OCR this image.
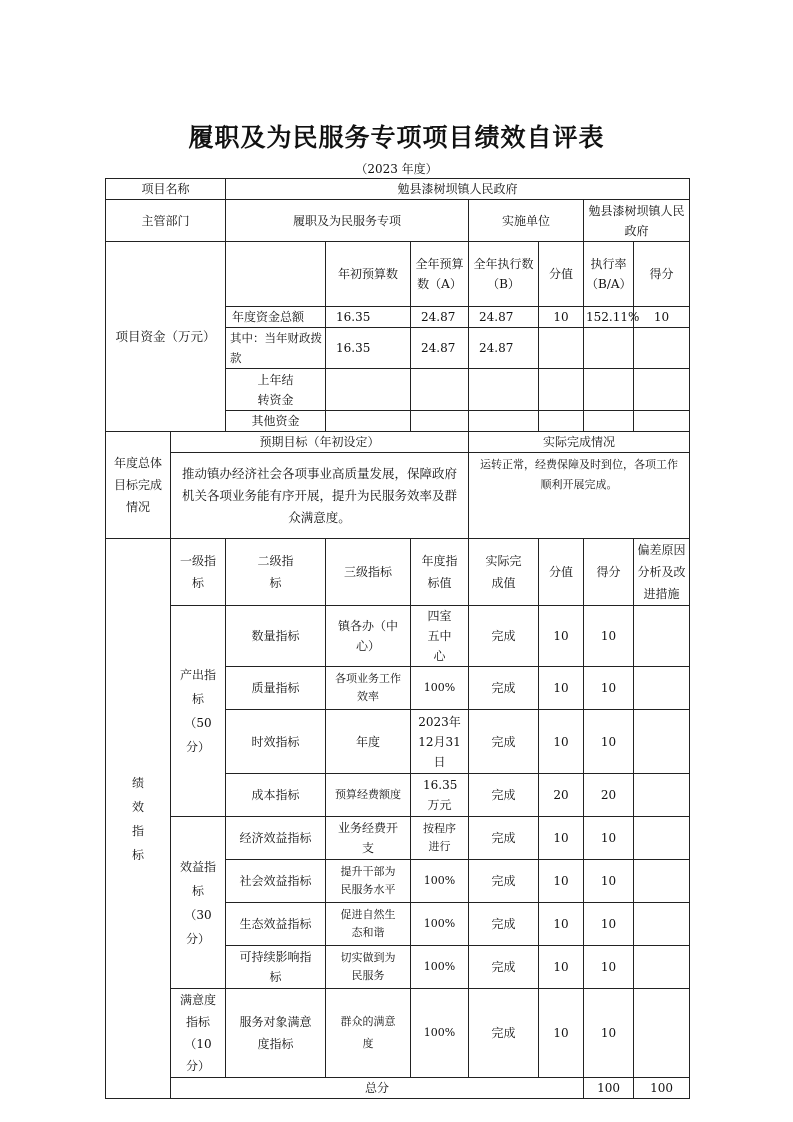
履职及为民服务专项项目绩效自评表
（2023 年度）
项目名称		勉县漆树坝镇人民政府							
主管部门		履职及为民服务专项			实施单位		勉县漆树坝镇人民政府		
项目资金（万元）			年初预算数	全年预算数（A）	全年执行数（B）	分值	执行率（B/A）	得分	
		年度资金总额	16.35	24.87	24.87	10	152.11%	10	
		其中：当年财政拨款	16.35	24.87	24.87				
		上年结转资金							
		其他资金							
年度总体目标完成情况	预期目标（年初设定）				实际完成情况				
	推动镇办经济社会各项事业高质量发展，保障政府机关各项业务能有序开展，提升为民服务效率及群众满意度。				运转正常，经费保障及时到位，各项工作顺利开展完成。				
绩效指标	一级指标	二级指标	三级指标	年度指标值	实际完成值	分值	得分	偏差原因分析及改进措施	
	产出指标（50分）	数量指标	镇各办（中心）	四室五中心	完成	10	10		
		质量指标	各项业务工作效率	100%	完成	10	10		
		时效指标	年度	2023年12月31日	完成	10	10		
		成本指标	预算经费额度	16.35万元	完成	20	20		
	效益指标（30分）	经济效益指标	业务经费开支	按程序进行	完成	10	10		
		社会效益指标	提升干部为民服务水平	100%	完成	10	10		
		生态效益指标	促进自然生态和谐	100%	完成	10	10		
		可持续影响指标	切实做到为民服务	100%	完成	10	10		
	满意度指标（10分）	服务对象满意度指标	群众的满意度	100%	完成	10	10		
	总分						100	100	
